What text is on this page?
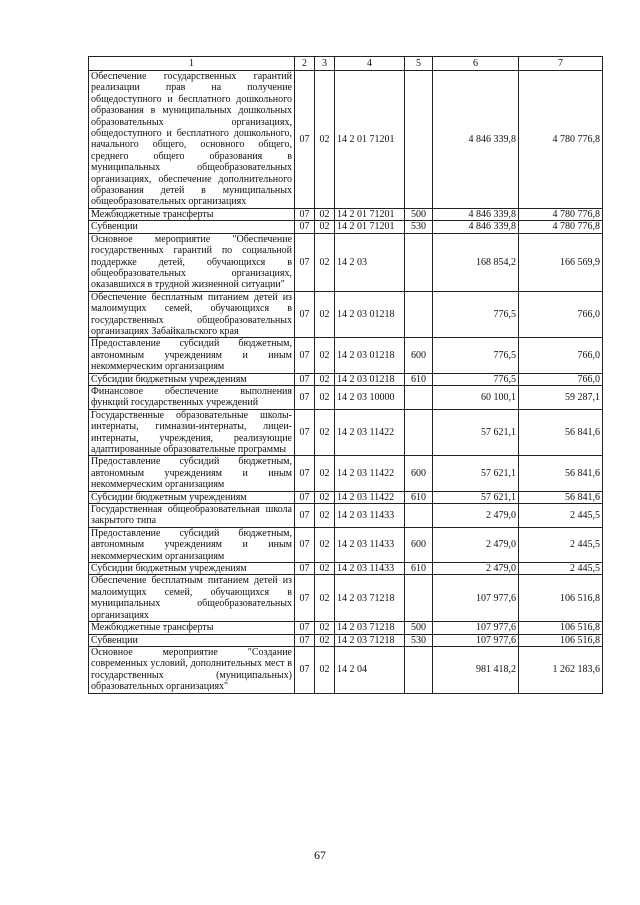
1	2	3	4	5	6	7
Обеспечение государственных гарантий реализации прав на получение общедоступного и бесплатного дошкольного образования в муниципальных дошкольных образовательных организациях, общедоступного и бесплатного дошкольного, начального общего, основного общего, среднего общего образования в муниципальных общеобразовательных организациях, обеспечение дополнительного образования детей в муниципальных общеобразовательных организациях	07	02	14 2 01 71201		4 846 339,8	4 780 776,8
Межбюджетные трансферты	07	02	14 2 01 71201	500	4 846 339,8	4 780 776,8
Субвенции	07	02	14 2 01 71201	530	4 846 339,8	4 780 776,8
Основное мероприятие "Обеспечение государственных гарантий по социальной поддержке детей, обучающихся в общеобразовательных организациях, оказавшихся в трудной жизненной ситуации"	07	02	14 2 03		168 854,2	166 569,9
Обеспечение бесплатным питанием детей из малоимущих семей, обучающихся в государственных общеобразовательных организациях Забайкальского края	07	02	14 2 03 01218		776,5	766,0
Предоставление субсидий бюджетным, автономным учреждениям и иным некоммерческим организациям	07	02	14 2 03 01218	600	776,5	766,0
Субсидии бюджетным учреждениям	07	02	14 2 03 01218	610	776,5	766,0
Финансовое обеспечение выполнения функций государственных учреждений	07	02	14 2 03 10000		60 100,1	59 287,1
Государственные образовательные школы-интернаты, гимназии-интернаты, лицеи-интернаты, учреждения, реализующие адаптированные образовательные программы	07	02	14 2 03 11422		57 621,1	56 841,6
Предоставление субсидий бюджетным, автономным учреждениям и иным некоммерческим организациям	07	02	14 2 03 11422	600	57 621,1	56 841,6
Субсидии бюджетным учреждениям	07	02	14 2 03 11422	610	57 621,1	56 841,6
Государственная общеобразовательная школа закрытого типа	07	02	14 2 03 11433		2 479,0	2 445,5
Предоставление субсидий бюджетным, автономным учреждениям и иным некоммерческим организациям	07	02	14 2 03 11433	600	2 479,0	2 445,5
Субсидии бюджетным учреждениям	07	02	14 2 03 11433	610	2 479,0	2 445,5
Обеспечение бесплатным питанием детей из малоимущих семей, обучающихся в муниципальных общеобразовательных организациях	07	02	14 2 03 71218		107 977,6	106 516,8
Межбюджетные трансферты	07	02	14 2 03 71218	500	107 977,6	106 516,8
Субвенции	07	02	14 2 03 71218	530	107 977,6	106 516,8
Основное мероприятие "Создание современных условий, дополнительных мест в государственных (муниципальных) образовательных организациях"	07	02	14 2 04		981 418,2	1 262 183,6
67
